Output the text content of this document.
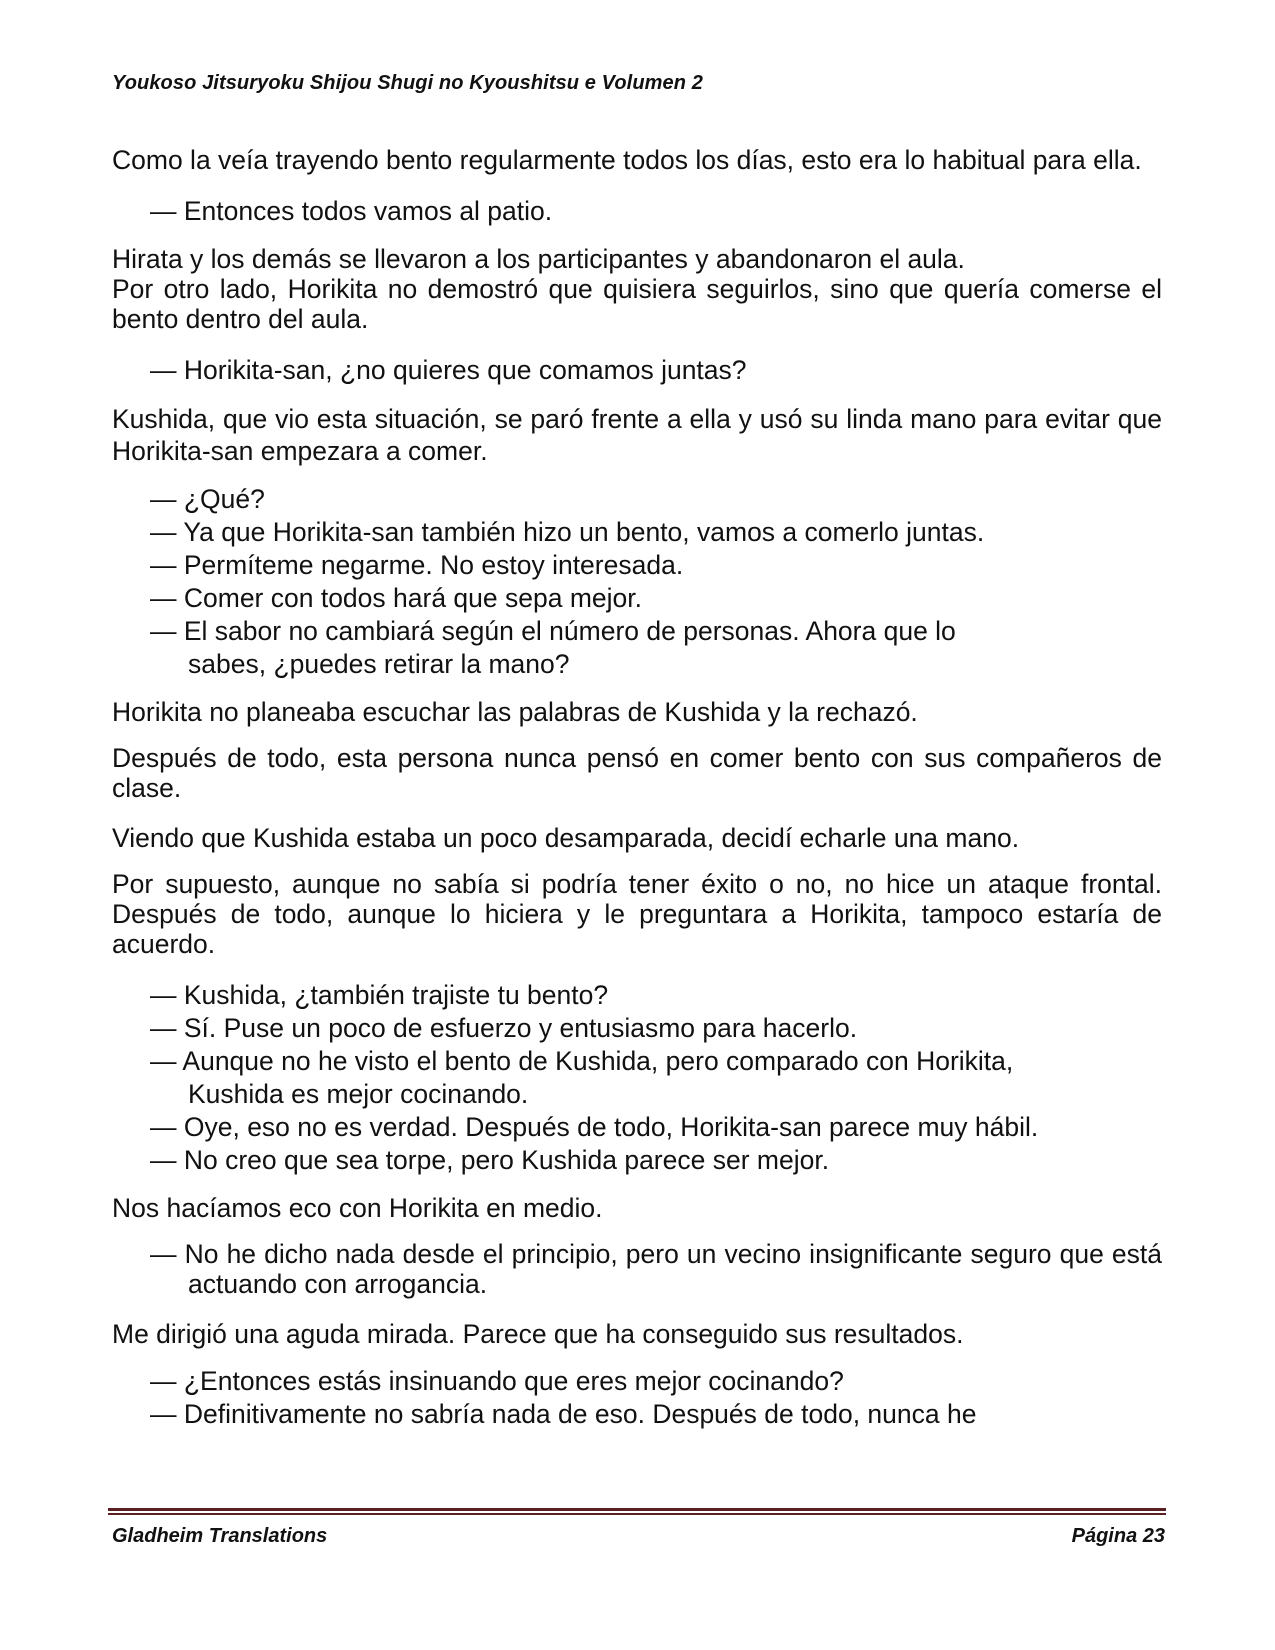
Youkoso Jitsuryoku Shijou Shugi no Kyoushitsu e Volumen 2

Como la veía trayendo bento regularmente todos los días, esto era lo habitual para ella.

— Entonces todos vamos al patio.

Hirata y los demás se llevaron a los participantes y abandonaron el aula.

Por otro lado, Horikita no demostró que quisiera seguirlos, sino que quería comerse el bento dentro del aula.

— Horikita-san, ¿no quieres que comamos juntas?

Kushida, que vio esta situación, se paró frente a ella y usó su linda mano para evitar que Horikita-san empezara a comer.

— ¿Qué?

— Ya que Horikita-san también hizo un bento, vamos a comerlo juntas.

— Permíteme negarme. No estoy interesada.

— Comer con todos hará que sepa mejor.

— El sabor no cambiará según el número de personas. Ahora que lo sabes, ¿puedes retirar la mano?

Horikita no planeaba escuchar las palabras de Kushida y la rechazó.

Después de todo, esta persona nunca pensó en comer bento con sus compañeros de clase.

Viendo que Kushida estaba un poco desamparada, decidí echarle una mano.

Por supuesto, aunque no sabía si podría tener éxito o no, no hice un ataque frontal. Después de todo, aunque lo hiciera y le preguntara a Horikita, tampoco estaría de acuerdo.

— Kushida, ¿también trajiste tu bento?

— Sí. Puse un poco de esfuerzo y entusiasmo para hacerlo.

— Aunque no he visto el bento de Kushida, pero comparado con Horikita, Kushida es mejor cocinando.

— Oye, eso no es verdad. Después de todo, Horikita-san parece muy hábil.

— No creo que sea torpe, pero Kushida parece ser mejor.

Nos hacíamos eco con Horikita en medio.

— No he dicho nada desde el principio, pero un vecino insignificante seguro que está actuando con arrogancia.

Me dirigió una aguda mirada. Parece que ha conseguido sus resultados.

— ¿Entonces estás insinuando que eres mejor cocinando?

— Definitivamente no sabría nada de eso. Después de todo, nunca he

Gladheim Translations	Página 23
